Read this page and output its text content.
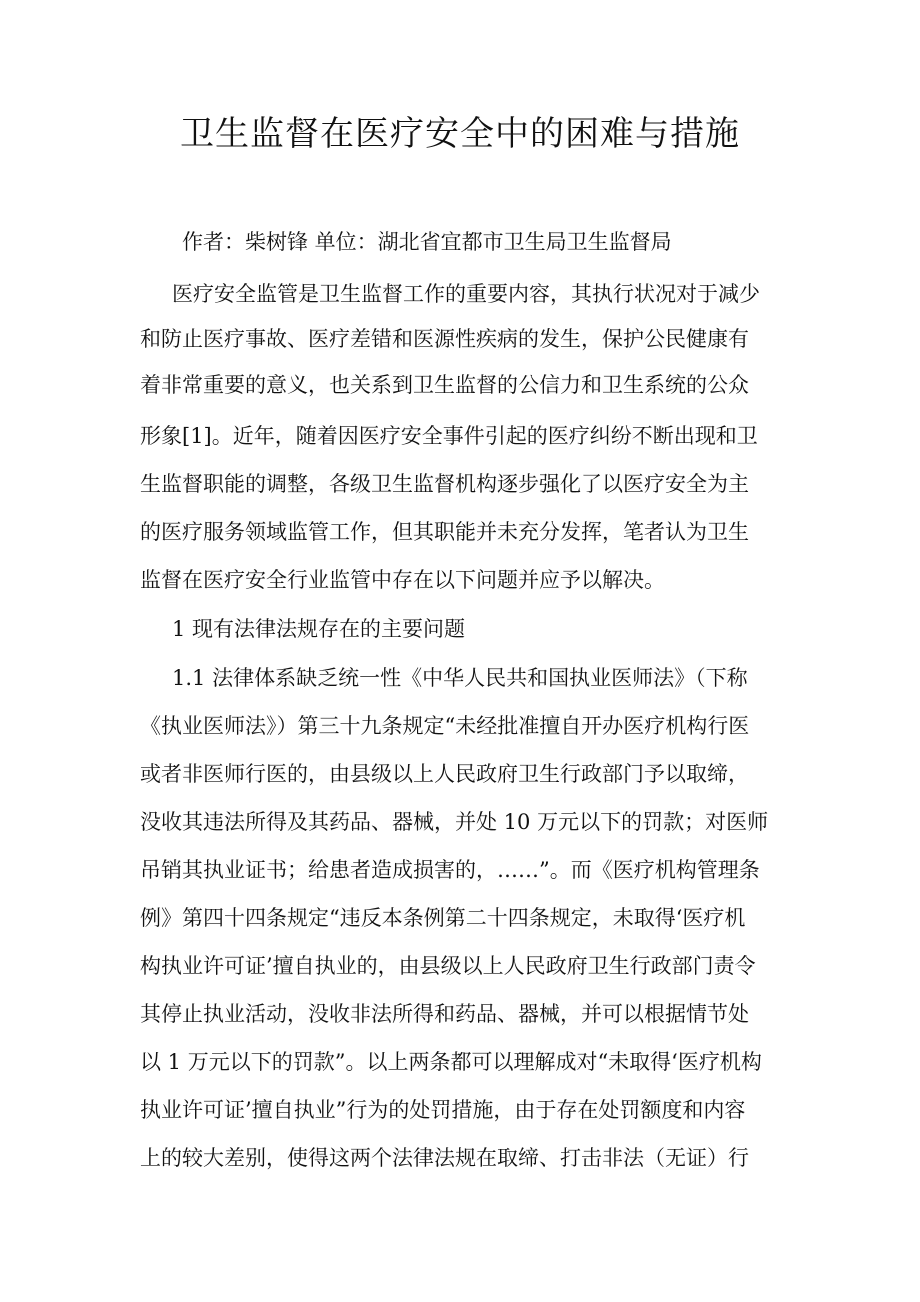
卫生监督在医疗安全中的困难与措施

作者：柴树锋 单位：湖北省宜都市卫生局卫生监督局

医疗安全监管是卫生监督工作的重要内容，其执行状况对于减少

和防止医疗事故、医疗差错和医源性疾病的发生，保护公民健康有

着非常重要的意义，也关系到卫生监督的公信力和卫生系统的公众

形象[1]。近年，随着因医疗安全事件引起的医疗纠纷不断出现和卫

生监督职能的调整，各级卫生监督机构逐步强化了以医疗安全为主

的医疗服务领域监管工作，但其职能并未充分发挥，笔者认为卫生

监督在医疗安全行业监管中存在以下问题并应予以解决。

1 现有法律法规存在的主要问题

1.1 法律体系缺乏统一性《中华人民共和国执业医师法》（下称

《执业医师法》）第三十九条规定“未经批准擅自开办医疗机构行医

或者非医师行医的，由县级以上人民政府卫生行政部门予以取缔，

没收其违法所得及其药品、器械，并处 10 万元以下的罚款；对医师

吊销其执业证书；给患者造成损害的，……”。而《医疗机构管理条

例》第四十四条规定“违反本条例第二十四条规定，未取得‘医疗机

构执业许可证’擅自执业的，由县级以上人民政府卫生行政部门责令

其停止执业活动，没收非法所得和药品、器械，并可以根据情节处

以 1 万元以下的罚款”。以上两条都可以理解成对“未取得‘医疗机构

执业许可证’擅自执业”行为的处罚措施，由于存在处罚额度和内容

上的较大差别，使得这两个法律法规在取缔、打击非法（无证）行
